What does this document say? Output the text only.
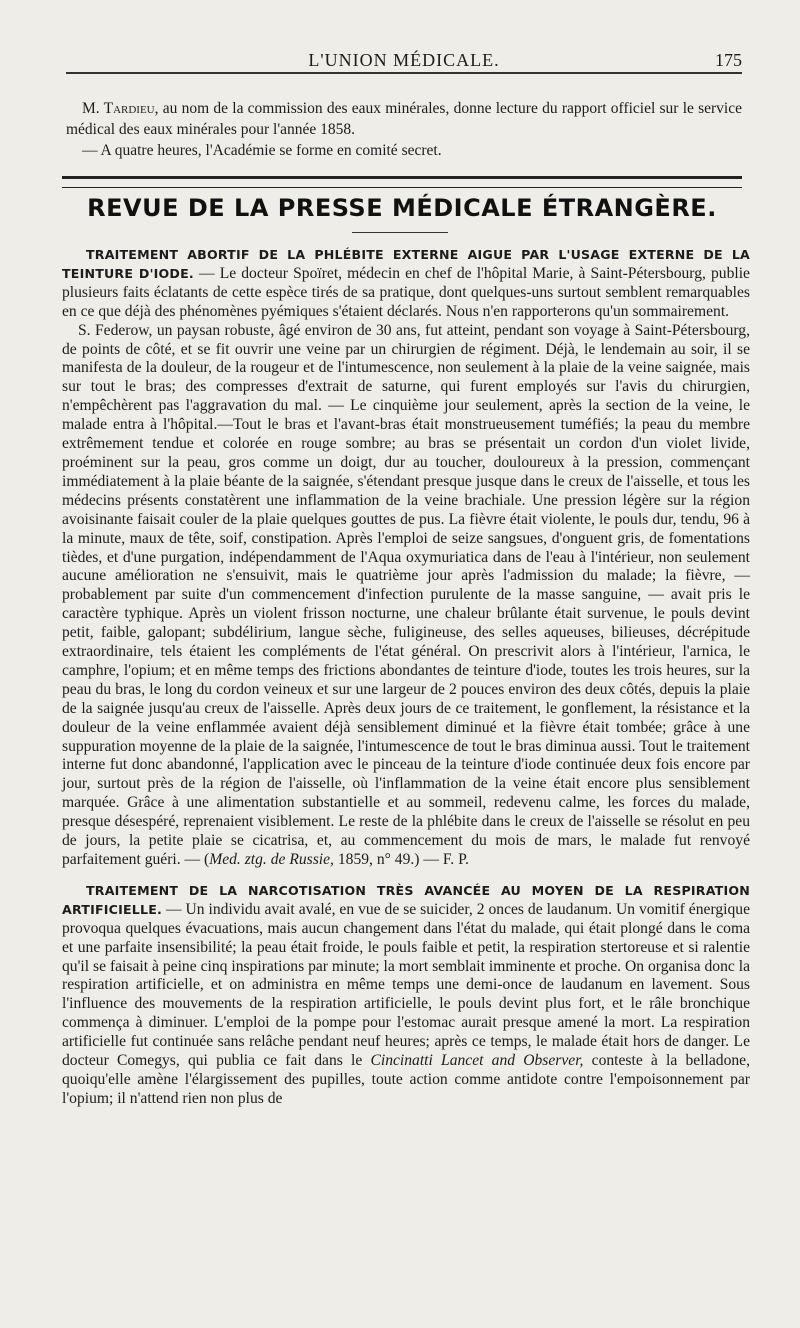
L'UNION MÉDICALE.	175

M. Tardieu, au nom de la commission des eaux minérales, donne lecture du rapport officiel sur le service médical des eaux minérales pour l'année 1858.

— A quatre heures, l'Académie se forme en comité secret.

REVUE DE LA PRESSE MÉDICALE ÉTRANGÈRE.

TRAITEMENT ABORTIF DE LA PHLÉBITE EXTERNE AIGUE PAR L'USAGE EXTERNE DE LA TEINTURE D'IODE. — Le docteur Spoïret, médecin en chef de l'hôpital Marie, à Saint-Pétersbourg, publie plusieurs faits éclatants de cette espèce tirés de sa pratique, dont quelques-uns surtout semblent remarquables en ce que déjà des phénomènes pyémiques s'étaient déclarés. Nous n'en rapporterons qu'un sommairement.

S. Federow, un paysan robuste, âgé environ de 30 ans, fut atteint, pendant son voyage à Saint-Pétersbourg, de points de côté, et se fit ouvrir une veine par un chirurgien de régiment. Déjà, le lendemain au soir, il se manifesta de la douleur, de la rougeur et de l'intumescence, non seulement à la plaie de la veine saignée, mais sur tout le bras; des compresses d'extrait de saturne, qui furent employés sur l'avis du chirurgien, n'empêchèrent pas l'aggravation du mal. — Le cinquième jour seulement, après la section de la veine, le malade entra à l'hôpital.—Tout le bras et l'avant-bras était monstrueusement tuméfiés; la peau du membre extrêmement tendue et colorée en rouge sombre; au bras se présentait un cordon d'un violet livide, proéminent sur la peau, gros comme un doigt, dur au toucher, douloureux à la pression, commençant immédiatement à la plaie béante de la saignée, s'étendant presque jusque dans le creux de l'aisselle, et tous les médecins présents constatèrent une inflammation de la veine brachiale. Une pression légère sur la région avoisinante faisait couler de la plaie quelques gouttes de pus. La fièvre était violente, le pouls dur, tendu, 96 à la minute, maux de tête, soif, constipation. Après l'emploi de seize sangsues, d'onguent gris, de fomentations tièdes, et d'une purgation, indépendamment de l'Aqua oxymuriatica dans de l'eau à l'intérieur, non seulement aucune amélioration ne s'ensuivit, mais le quatrième jour après l'admission du malade; la fièvre, — probablement par suite d'un commencement d'infection purulente de la masse sanguine, — avait pris le caractère typhique. Après un violent frisson nocturne, une chaleur brûlante était survenue, le pouls devint petit, faible, galopant; subdélirium, langue sèche, fuligineuse, des selles aqueuses, bilieuses, décrépitude extraordinaire, tels étaient les compléments de l'état général. On prescrivit alors à l'intérieur, l'arnica, le camphre, l'opium; et en même temps des frictions abondantes de teinture d'iode, toutes les trois heures, sur la peau du bras, le long du cordon veineux et sur une largeur de 2 pouces environ des deux côtés, depuis la plaie de la saignée jusqu'au creux de l'aisselle. Après deux jours de ce traitement, le gonflement, la résistance et la douleur de la veine enflammée avaient déjà sensiblement diminué et la fièvre était tombée; grâce à une suppuration moyenne de la plaie de la saignée, l'intumescence de tout le bras diminua aussi. Tout le traitement interne fut donc abandonné, l'application avec le pinceau de la teinture d'iode continuée deux fois encore par jour, surtout près de la région de l'aisselle, où l'inflammation de la veine était encore plus sensiblement marquée. Grâce à une alimentation substantielle et au sommeil, redevenu calme, les forces du malade, presque désespéré, reprenaient visiblement. Le reste de la phlébite dans le creux de l'aisselle se résolut en peu de jours, la petite plaie se cicatrisa, et, au commencement du mois de mars, le malade fut renvoyé parfaitement guéri. — (Med. ztg. de Russie, 1859, n° 49.) — F. P.

TRAITEMENT DE LA NARCOTISATION TRÈS AVANCÉE AU MOYEN DE LA RESPIRATION ARTIFICIELLE. — Un individu avait avalé, en vue de se suicider, 2 onces de laudanum. Un vomitif énergique provoqua quelques évacuations, mais aucun changement dans l'état du malade, qui était plongé dans le coma et une parfaite insensibilité; la peau était froide, le pouls faible et petit, la respiration stertoreuse et si ralentie qu'il se faisait à peine cinq inspirations par minute; la mort semblait imminente et proche. On organisa donc la respiration artificielle, et on administra en même temps une demi-once de laudanum en lavement. Sous l'influence des mouvements de la respiration artificielle, le pouls devint plus fort, et le râle bronchique commença à diminuer. L'emploi de la pompe pour l'estomac aurait presque amené la mort. La respiration artificielle fut continuée sans relâche pendant neuf heures; après ce temps, le malade était hors de danger. Le docteur Comegys, qui publia ce fait dans le Cincinatti Lancet and Observer, conteste à la belladone, quoiqu'elle amène l'élargissement des pupilles, toute action comme antidote contre l'empoisonnement par l'opium; il n'attend rien non plus de
